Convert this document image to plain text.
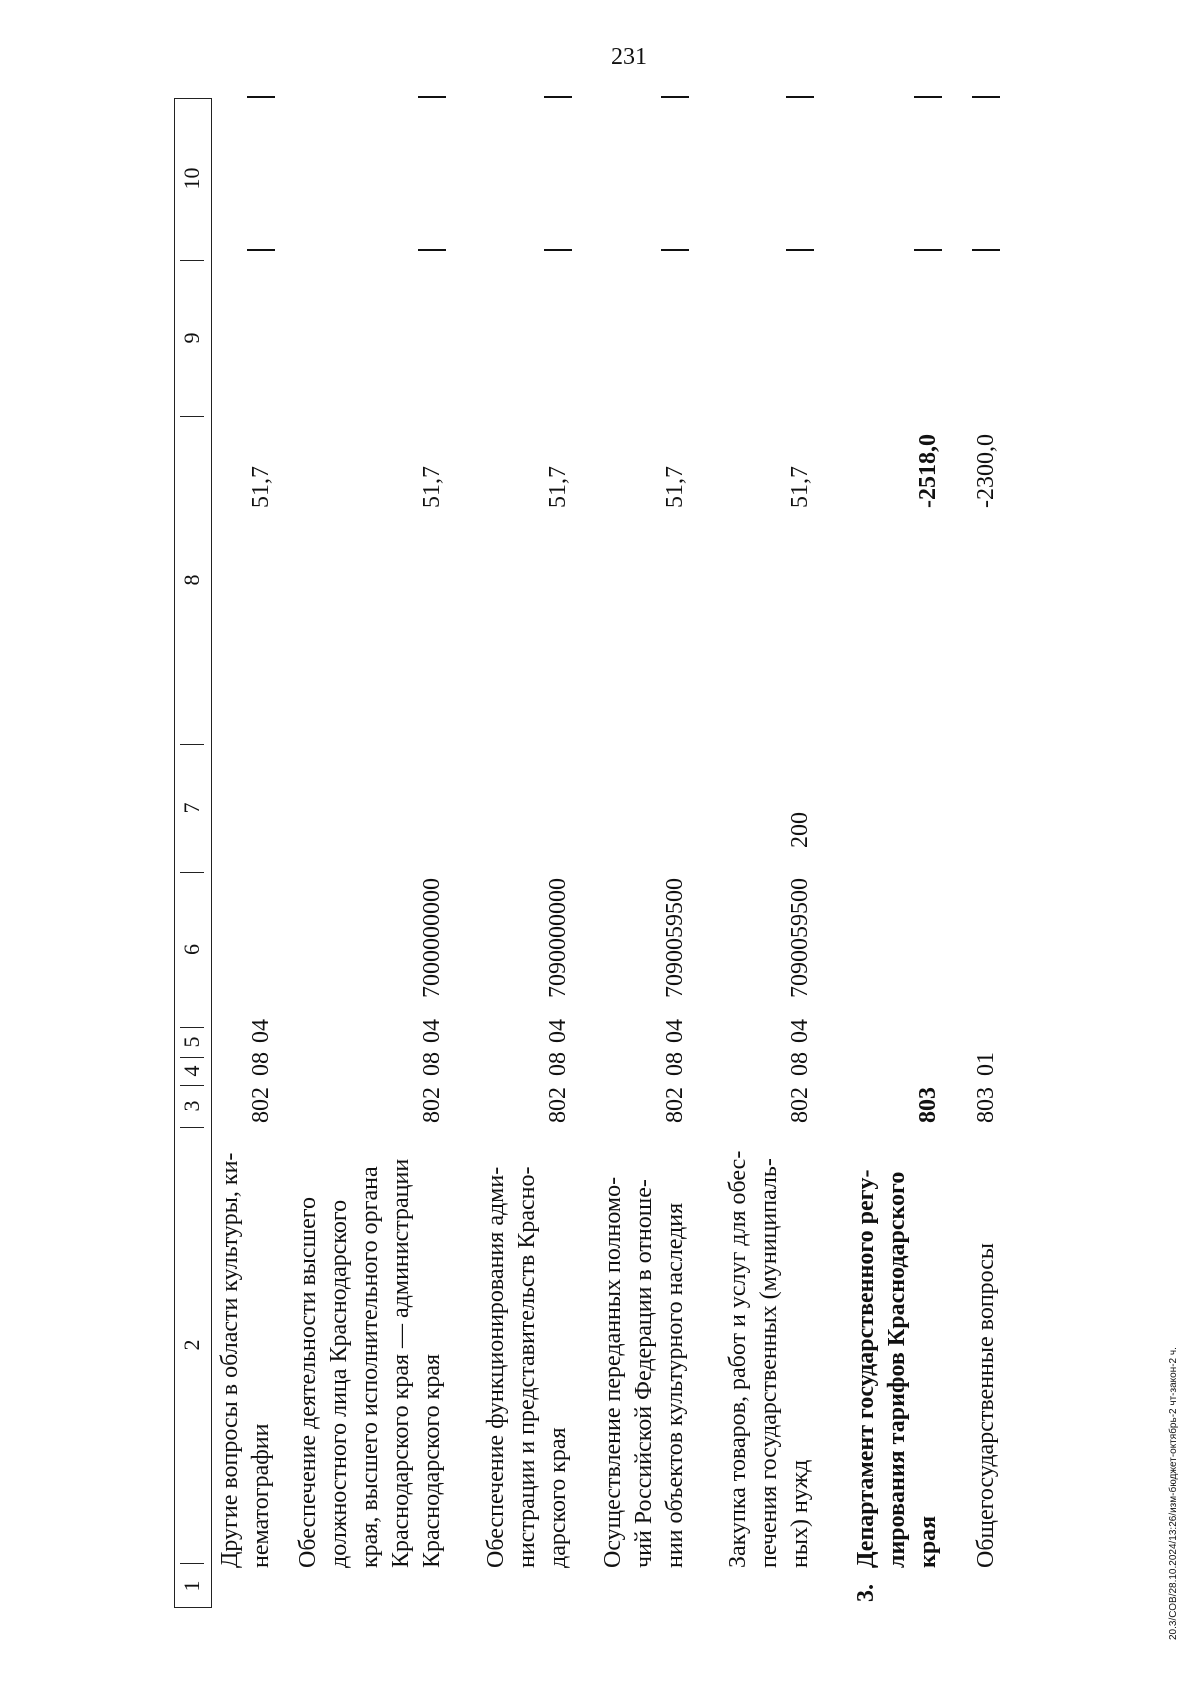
231
20.3/СОВ/28.10.2024/13:26/изм-бюджет-октябрь-2 чт-закон-2 ч.
1
2
3
4
5
6
7
8
9
10
Другие вопросы в области культуры, ки- нематографии
802
08
04
51,7
Обеспечение деятельности высшего должностного лица Краснодарского края, высшего исполнительного органа Краснодарского края — администрации Краснодарского края
802
08
04
7000000000
51,7
Обеспечение функционирования адми- нистрации и представительств Красно- дарского края
802
08
04
7090000000
51,7
Осуществление переданных полномо- чий Российской Федерации в отноше- нии объектов культурного наследия
802
08
04
7090059500
51,7
Закупка товаров, работ и услуг для обес- печения государственных (муниципаль- ных) нужд
802
08
04
7090059500
200
51,7
3.
Департамент государственного регу- лирования тарифов Краснодарского края
803
-2518,0
Общегосударственные вопросы
803
01
-2300,0
